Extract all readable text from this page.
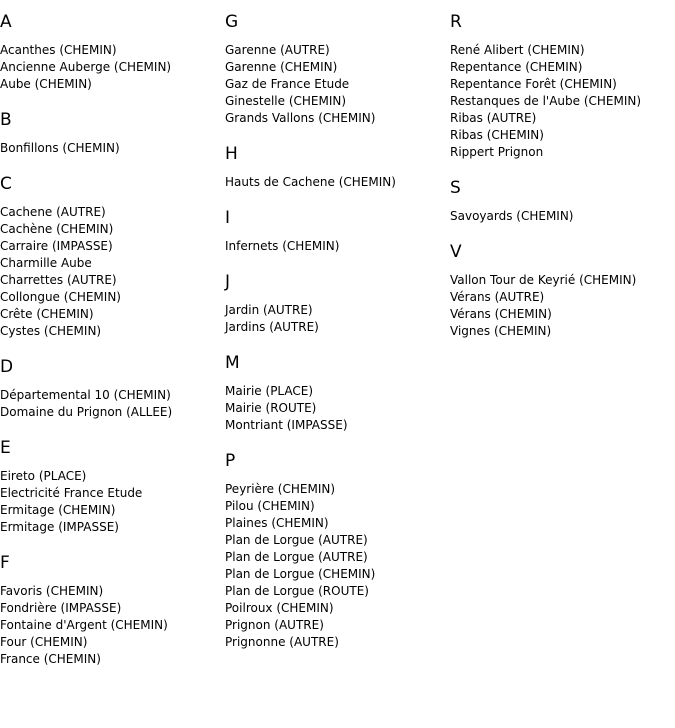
A
Acanthes (CHEMIN)
Ancienne Auberge (CHEMIN)
Aube (CHEMIN)
B
Bonfillons (CHEMIN)
C
Cachene (AUTRE)
Cachène (CHEMIN)
Carraire (IMPASSE)
Charmille Aube
Charrettes (AUTRE)
Collongue (CHEMIN)
Crête (CHEMIN)
Cystes (CHEMIN)
D
Départemental 10 (CHEMIN)
Domaine du Prignon (ALLEE)
E
Eireto (PLACE)
Electricité France Etude
Ermitage (CHEMIN)
Ermitage (IMPASSE)
F
Favoris (CHEMIN)
Fondrière (IMPASSE)
Fontaine d'Argent (CHEMIN)
Four (CHEMIN)
France (CHEMIN)
G
Garenne (AUTRE)
Garenne (CHEMIN)
Gaz de France Etude
Ginestelle (CHEMIN)
Grands Vallons (CHEMIN)
H
Hauts de Cachene (CHEMIN)
I
Infernets (CHEMIN)
J
Jardin (AUTRE)
Jardins (AUTRE)
M
Mairie (PLACE)
Mairie (ROUTE)
Montriant (IMPASSE)
P
Peyrière (CHEMIN)
Pilou (CHEMIN)
Plaines (CHEMIN)
Plan de Lorgue (AUTRE)
Plan de Lorgue (AUTRE)
Plan de Lorgue (CHEMIN)
Plan de Lorgue (ROUTE)
Poilroux (CHEMIN)
Prignon (AUTRE)
Prignonne (AUTRE)
R
René Alibert (CHEMIN)
Repentance (CHEMIN)
Repentance Forêt (CHEMIN)
Restanques de l'Aube (CHEMIN)
Ribas (AUTRE)
Ribas (CHEMIN)
Rippert Prignon
S
Savoyards (CHEMIN)
V
Vallon Tour de Keyrié (CHEMIN)
Vérans (AUTRE)
Vérans (CHEMIN)
Vignes (CHEMIN)
